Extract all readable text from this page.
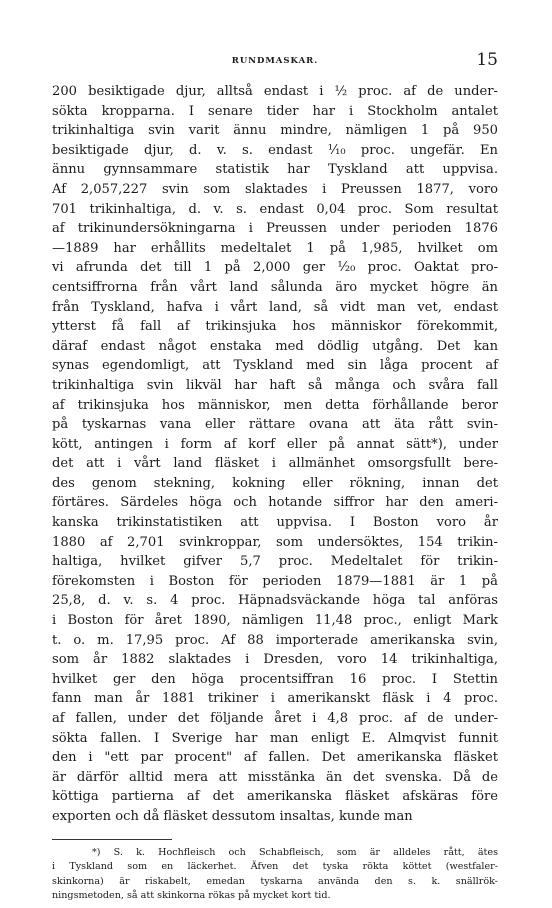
RUNDMASKAR.	15
200 besiktigade djur, alltså endast i ½ proc. af de under-
sökta kropparna. I senare tider har i Stockholm antalet
trikinhaltiga svin varit ännu mindre, nämligen 1 på 950
besiktigade djur, d. v. s. endast ¹⁄₁₀ proc. ungefär. En
ännu gynnsammare statistik har Tyskland att uppvisa.
Af 2,057,227 svin som slaktades i Preussen 1877, voro
701 trikinhaltiga, d. v. s. endast 0,04 proc. Som resultat
af trikinundersökningarna i Preussen under perioden 1876
—1889 har erhållits medeltalet 1 på 1,985, hvilket om
vi afrunda det till 1 på 2,000 ger ¹⁄₂₀ proc. Oaktat pro-
centsiffrorna från vårt land sålunda äro mycket högre än
från Tyskland, hafva i vårt land, så vidt man vet, endast
ytterst få fall af trikinsjuka hos människor förekommit,
däraf endast något enstaka med dödlig utgång. Det kan
synas egendomligt, att Tyskland med sin låga procent af
trikinhaltiga svin likväl har haft så många och svåra fall
af trikinsjuka hos människor, men detta förhållande beror
på tyskarnas vana eller rättare ovana att äta rått svin-
kött, antingen i form af korf eller på annat sätt*), under
det att i vårt land fläsket i allmänhet omsorgsfullt bere-
des genom stekning, kokning eller rökning, innan det
förtäres. Särdeles höga och hotande siffror har den ameri-
kanska trikinstatistiken att uppvisa. I Boston voro år
1880 af 2,701 svinkroppar, som undersöktes, 154 trikin-
haltiga, hvilket gifver 5,7 proc. Medeltalet för trikin-
förekomsten i Boston för perioden 1879—1881 är 1 på
25,8, d. v. s. 4 proc. Häpnadsväckande höga tal anföras
i Boston för året 1890, nämligen 11,48 proc., enligt Mark
t. o. m. 17,95 proc. Af 88 importerade amerikanska svin,
som år 1882 slaktades i Dresden, voro 14 trikinhaltiga,
hvilket ger den höga procentsiffran 16 proc. I Stettin
fann man år 1881 trikiner i amerikanskt fläsk i 4 proc.
af fallen, under det följande året i 4,8 proc. af de under-
sökta fallen. I Sverige har man enligt E. Almqvist funnit
den i "ett par procent" af fallen. Det amerikanska fläsket
är därför alltid mera att misstänka än det svenska. Då de
köttiga partierna af det amerikanska fläsket afskäras före
exporten och då fläsket dessutom insaltas, kunde man
*) S. k. Hochfleisch och Schabfleisch, som är alldeles rått, ätes
i Tyskland som en läckerhet. Äfven det tyska rökta köttet (westfaler-
skinkorna) är riskabelt, emedan tyskarna använda den s. k. snällrök-
ningsmetoden, så att skinkorna rökas på mycket kort tid.
